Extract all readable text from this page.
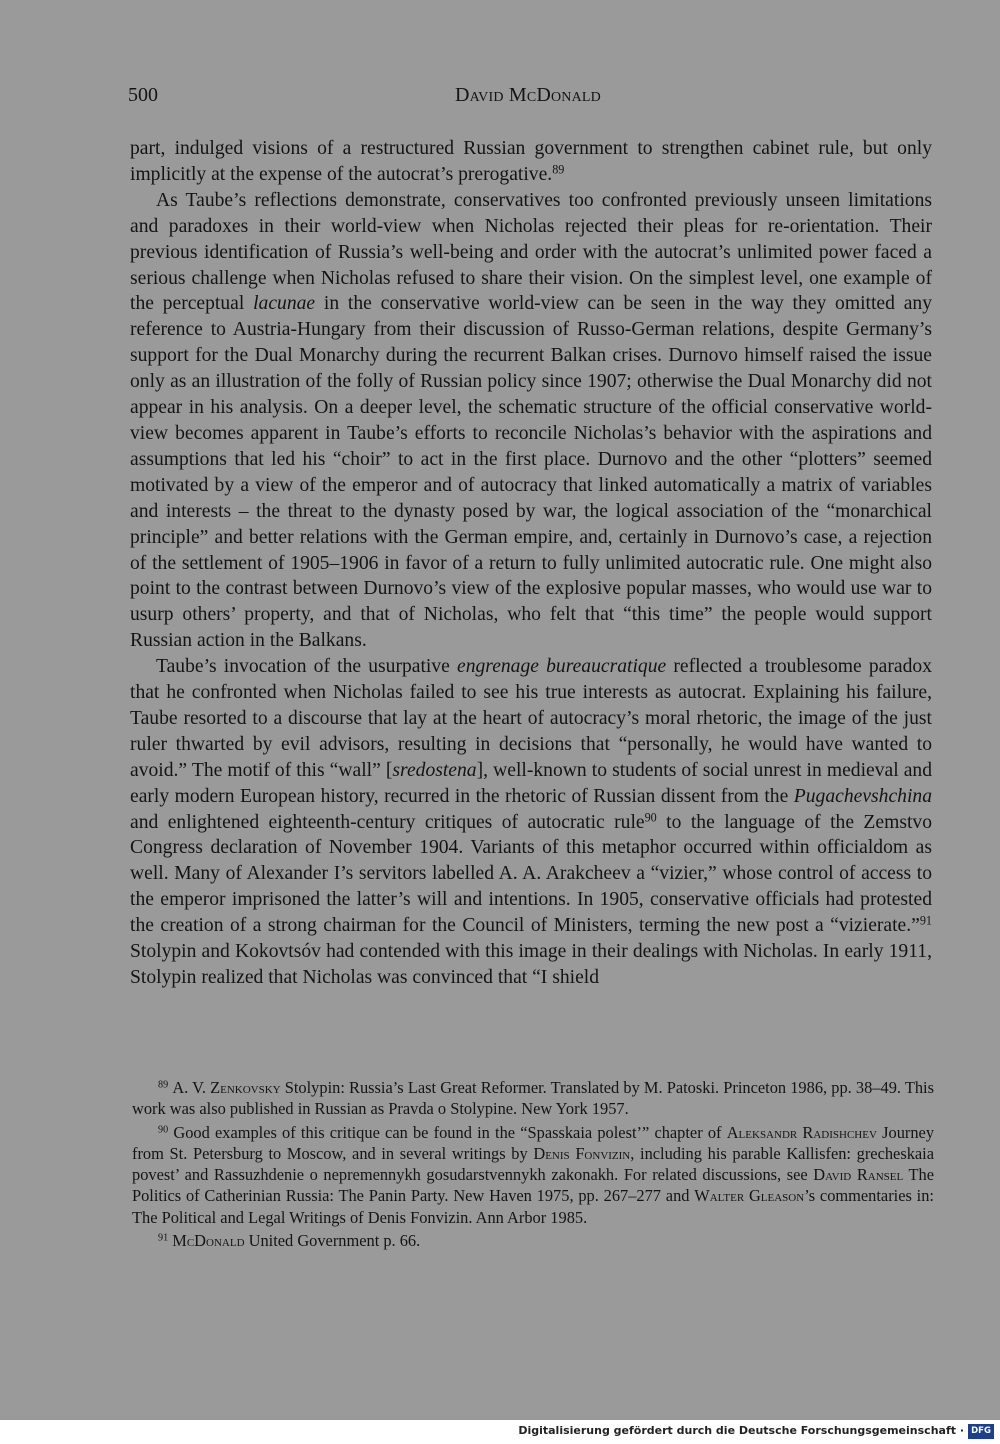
500	David McDonald

part, indulged visions of a restructured Russian government to strengthen cabinet rule, but only implicitly at the expense of the autocrat’s prerogative.$^{89}$

As Taube’s reflections demonstrate, conservatives too confronted previously unseen limitations and paradoxes in their world-view when Nicholas rejected their pleas for re-orientation. Their previous identification of Russia’s well-being and order with the autocrat’s unlimited power faced a serious challenge when Nicholas refused to share their vision. On the simplest level, one example of the perceptual lacunae in the conservative world-view can be seen in the way they omitted any reference to Austria-Hungary from their discussion of Russo-German relations, despite Germany’s support for the Dual Monarchy during the recurrent Balkan crises. Durnovo himself raised the issue only as an illustration of the folly of Russian policy since 1907; otherwise the Dual Monarchy did not appear in his analysis. On a deeper level, the schematic structure of the official conservative world-view becomes apparent in Taube’s efforts to reconcile Nicholas’s behavior with the aspirations and assumptions that led his “choir” to act in the first place. Durnovo and the other “plotters” seemed motivated by a view of the emperor and of autocracy that linked automatically a matrix of variables and interests – the threat to the dynasty posed by war, the logical association of the “monarchical principle” and better relations with the German empire, and, certainly in Durnovo’s case, a rejection of the settlement of 1905–1906 in favor of a return to fully unlimited autocratic rule. One might also point to the contrast between Durnovo’s view of the explosive popular masses, who would use war to usurp others’ property, and that of Nicholas, who felt that “this time” the people would support Russian action in the Balkans.

Taube’s invocation of the usurpative engrenage bureaucratique reflected a troublesome paradox that he confronted when Nicholas failed to see his true interests as autocrat. Explaining his failure, Taube resorted to a discourse that lay at the heart of autocracy’s moral rhetoric, the image of the just ruler thwarted by evil advisors, resulting in decisions that “personally, he would have wanted to avoid.” The motif of this “wall” [sredostena], well-known to students of social unrest in medieval and early modern European history, recurred in the rhetoric of Russian dissent from the Pugachevshchina and enlightened eighteenth-century critiques of autocratic rule$^{90}$ to the language of the Zemstvo Congress declaration of November 1904. Variants of this metaphor occurred within officialdom as well. Many of Alexander I’s servitors labelled A. A. Arakcheev a “vizier,” whose control of access to the emperor imprisoned the latter’s will and intentions. In 1905, conservative officials had protested the creation of a strong chairman for the Council of Ministers, terming the new post a “vizierate.”$^{91}$ Stolypin and Kokovtsóv had contended with this image in their dealings with Nicholas. In early 1911, Stolypin realized that Nicholas was convinced that “I shield

$^{89}$ A. V. Zenkovsky Stolypin: Russia’s Last Great Reformer. Translated by M. Patoski. Princeton 1986, pp. 38–49. This work was also published in Russian as Pravda o Stolypine. New York 1957.

$^{90}$ Good examples of this critique can be found in the “Spasskaia polest’” chapter of Aleksandr Radishchev Journey from St. Petersburg to Moscow, and in several writings by Denis Fonvizin, including his parable Kallisfen: grecheskaia povest’ and Rassuzhdenie o nepremennykh gosudarstvennykh zakonakh. For related discussions, see David Ransel The Politics of Catherinian Russia: The Panin Party. New Haven 1975, pp. 267–277 and Walter Gleason’s commentaries in: The Political and Legal Writings of Denis Fonvizin. Ann Arbor 1985.

$^{91}$ McDonald United Government p. 66.

Digitalisierung gefördert durch die Deutsche Forschungsgemeinschaft · DFG
